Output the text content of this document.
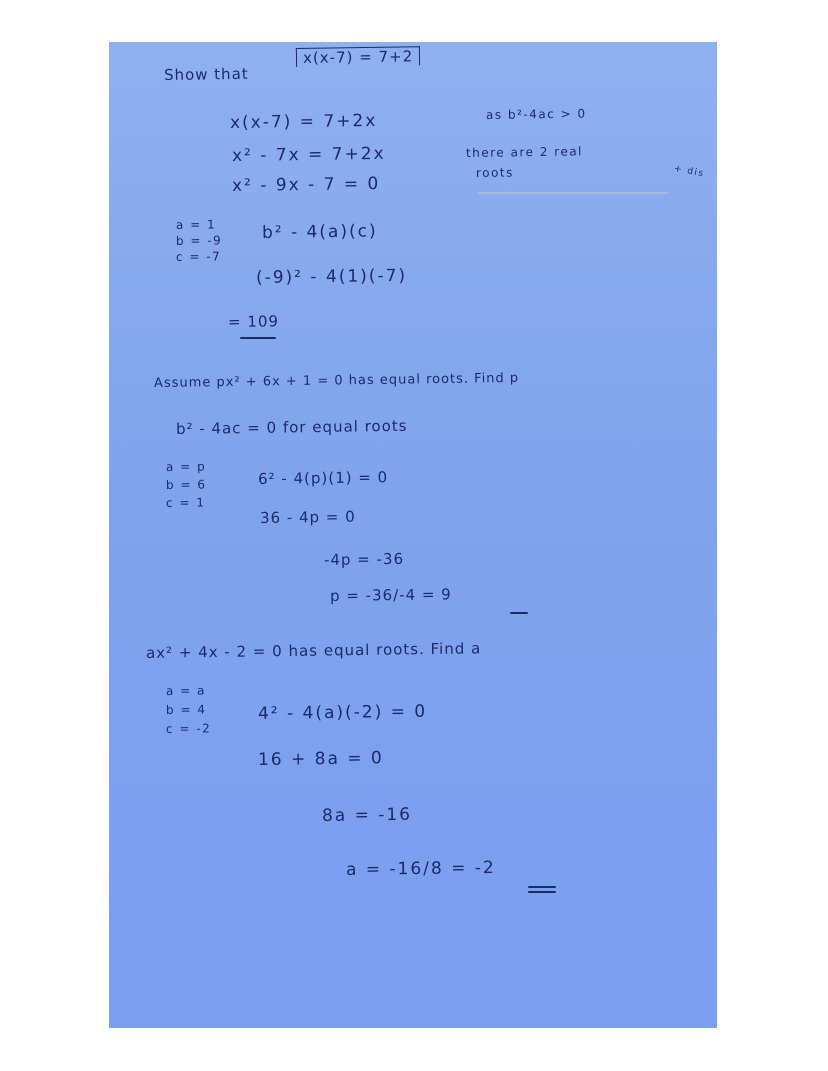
Show that
x(x-7) = 7+2
x(x-7) = 7+2x
x² - 7x = 7+2x
x² - 9x - 7 = 0
a = 1
b = -9
c = -7
b² - 4(a)(c)
(-9)² - 4(1)(-7)
= 109
as b²-4ac > 0
there are 2 real
roots	+ dis
Assume px² + 6x + 1 = 0 has equal roots. Find p
b² - 4ac = 0 for equal roots
a = p
b = 6
c = 1
6² - 4(p)(1) = 0
36 - 4p = 0
-4p = -36
p = -36/-4 = 9
ax² + 4x - 2 = 0 has equal roots. Find a
a = a
b = 4
c = -2
4² - 4(a)(-2) = 0
16 + 8a = 0
8a = -16
a = -16/8 = -2
